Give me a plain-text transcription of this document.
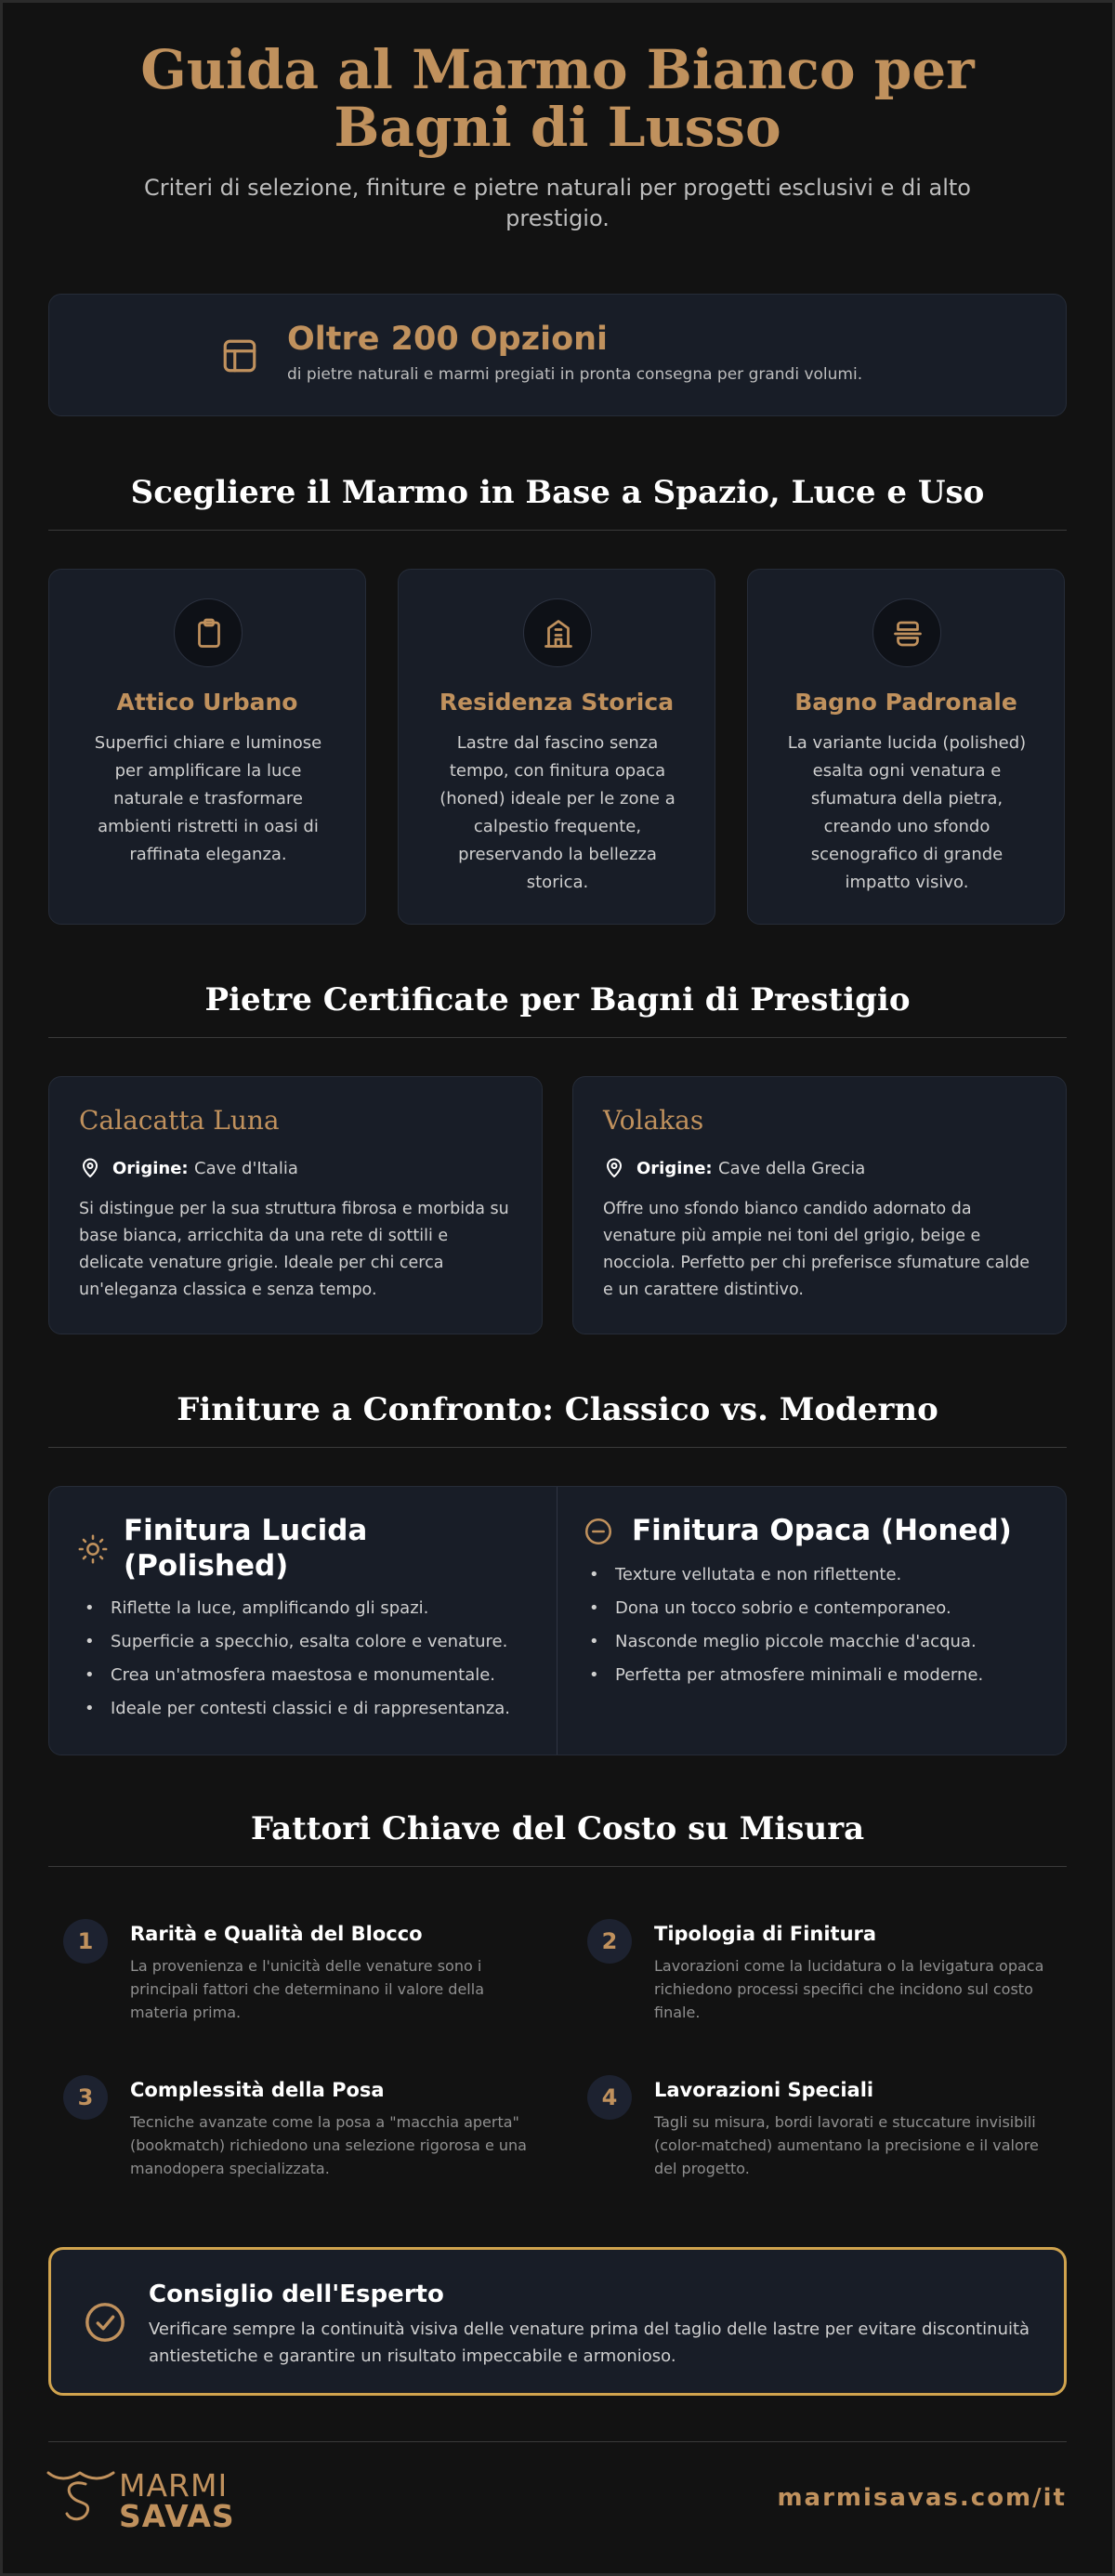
Guida al Marmo Bianco per Bagni di Lusso

Criteri di selezione, finiture e pietre naturali per progetti esclusivi e di alto prestigio.

Oltre 200 Opzioni
di pietre naturali e marmi pregiati in pronta consegna per grandi volumi.
Scegliere il Marmo in Base a Spazio, Luce e Uso
Attico Urbano
Superfici chiare e luminose per amplificare la luce naturale e trasformare ambienti ristretti in oasi di raffinata eleganza.
Residenza Storica
Lastre dal fascino senza tempo, con finitura opaca (honed) ideale per le zone a calpestio frequente, preservando la bellezza storica.
Bagno Padronale
La variante lucida (polished) esalta ogni venatura e sfumatura della pietra, creando uno sfondo scenografico di grande impatto visivo.
Pietre Certificate per Bagni di Prestigio
Calacatta Luna
Origine: Cave d'Italia
Si distingue per la sua struttura fibrosa e morbida su base bianca, arricchita da una rete di sottili e delicate venature grigie. Ideale per chi cerca un'eleganza classica e senza tempo.
Volakas
Origine: Cave della Grecia
Offre uno sfondo bianco candido adornato da venature più ampie nei toni del grigio, beige e nocciola. Perfetto per chi preferisce sfumature calde e un carattere distintivo.
Finiture a Confronto: Classico vs. Moderno
Finitura Lucida
(Polished)
• Riflette la luce, amplificando gli spazi.
• Superficie a specchio, esalta colore e venature.
• Crea un'atmosfera maestosa e monumentale.
• Ideale per contesti classici e di rappresentanza.
Finitura Opaca (Honed)
• Texture vellutata e non riflettente.
• Dona un tocco sobrio e contemporaneo.
• Nasconde meglio piccole macchie d'acqua.
• Perfetta per atmosfere minimali e moderne.
Fattori Chiave del Costo su Misura
1	Rarità e Qualità del Blocco
La provenienza e l'unicità delle venature sono i principali fattori che determinano il valore della materia prima.
2	Tipologia di Finitura
Lavorazioni come la lucidatura o la levigatura opaca richiedono processi specifici che incidono sul costo finale.
3	Complessità della Posa
Tecniche avanzate come la posa a "macchia aperta" (bookmatch) richiedono una selezione rigorosa e una manodopera specializzata.
4	Lavorazioni Speciali
Tagli su misura, bordi lavorati e stuccature invisibili (color-matched) aumentano la precisione e il valore del progetto.
Consiglio dell'Esperto
Verificare sempre la continuità visiva delle venature prima del taglio delle lastre per evitare discontinuità antiestetiche e garantire un risultato impeccabile e armonioso.
MARMI
SAVAS	marmisavas.com/it
